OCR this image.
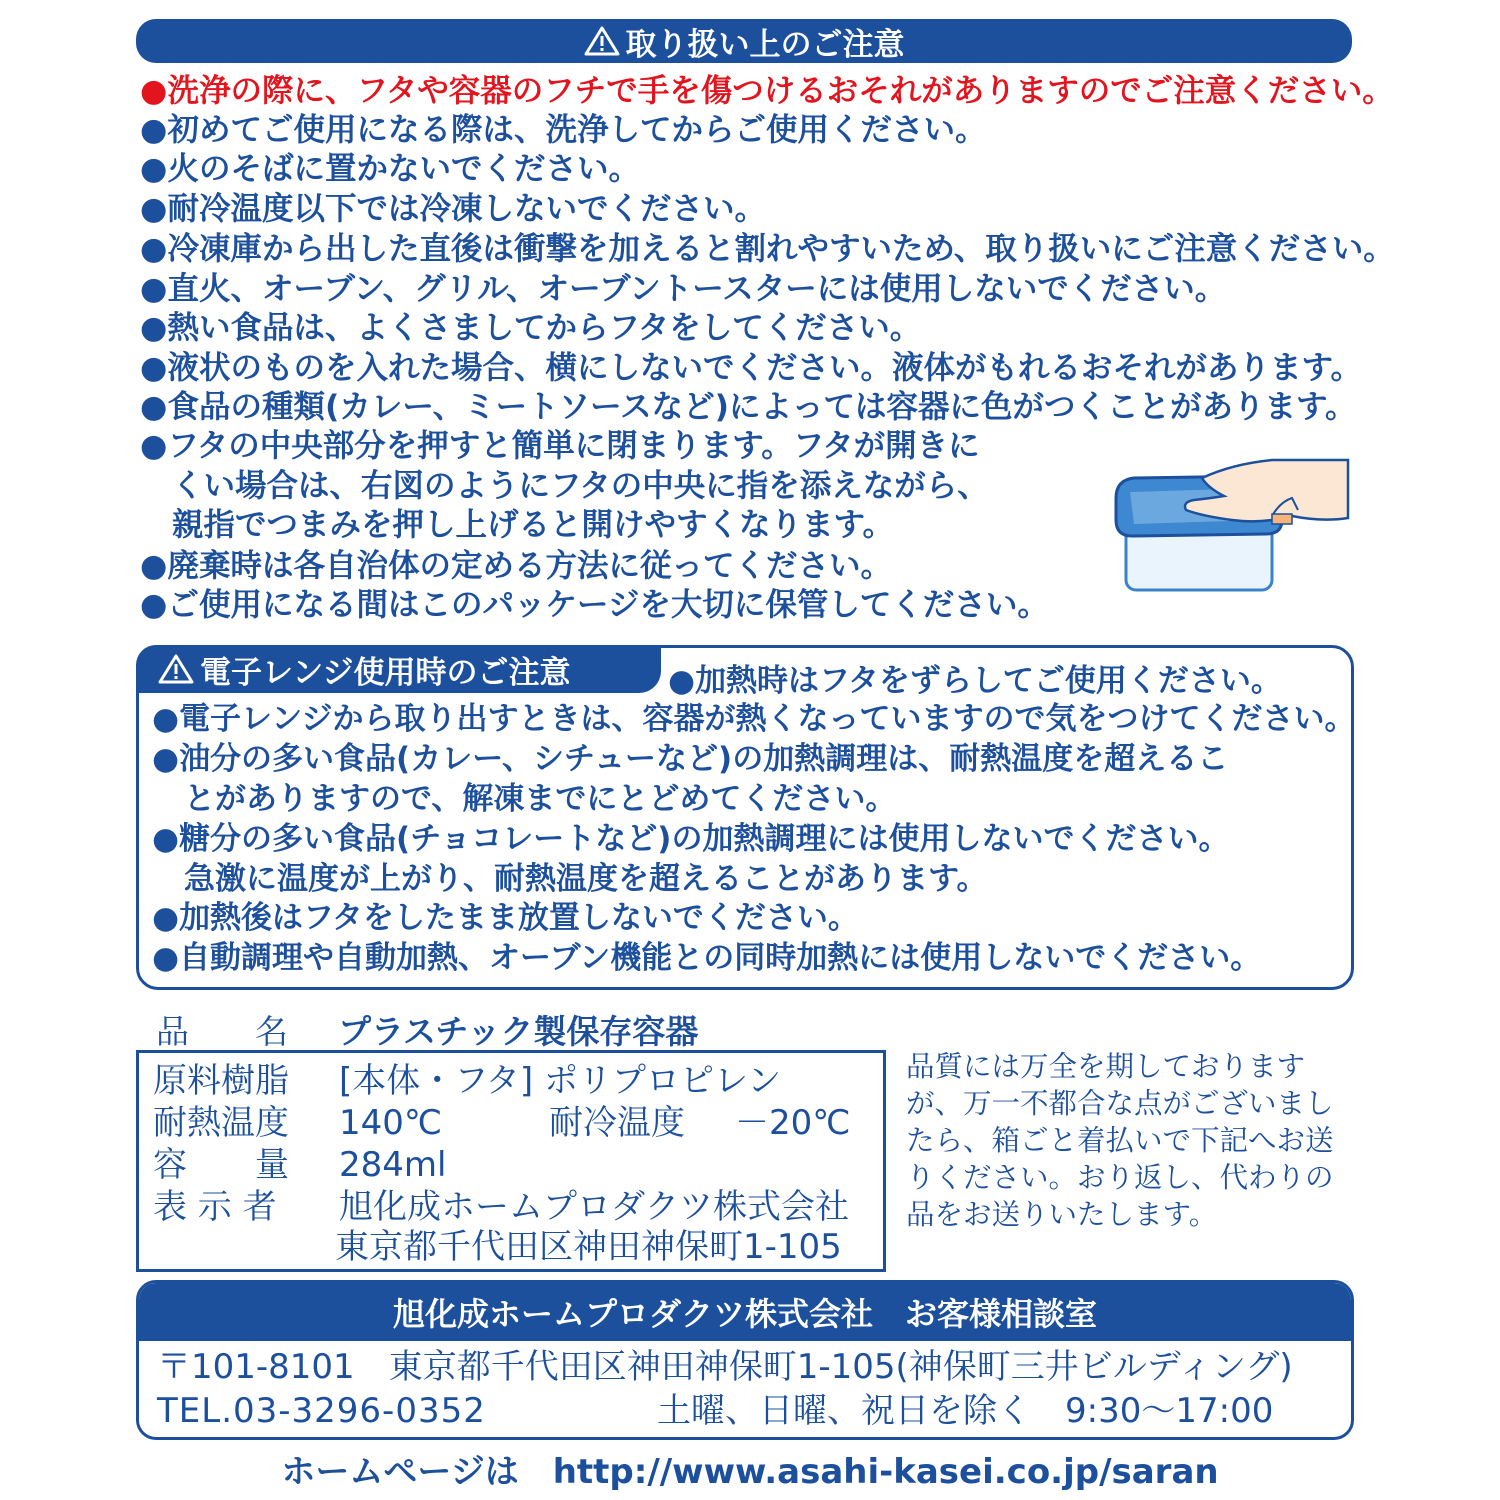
取り扱い上のご注意
●洗浄の際に、フタや容器のフチで手を傷つけるおそれがありますのでご注意ください。
●初めてご使用になる際は、洗浄してからご使用ください。
●火のそばに置かないでください。
●耐冷温度以下では冷凍しないでください。
●冷凍庫から出した直後は衝撃を加えると割れやすいため、取り扱いにご注意ください。
●直火、オーブン、グリル、オーブントースターには使用しないでください。
●熱い食品は、よくさましてからフタをしてください。
●液状のものを入れた場合、横にしないでください。液体がもれるおそれがあります。
●食品の種類(カレー、ミートソースなど)によっては容器に色がつくことがあります。
●フタの中央部分を押すと簡単に閉まります。フタが開きに
くい場合は、右図のようにフタの中央に指を添えながら、
親指でつまみを押し上げると開けやすくなります。
●廃棄時は各自治体の定める方法に従ってください。
●ご使用になる間はこのパッケージを大切に保管してください。
電子レンジ使用時のご注意	●加熱時はフタをずらしてご使用ください。
●電子レンジから取り出すときは、容器が熱くなっていますので気をつけてください。
●油分の多い食品(カレー、シチューなど)の加熱調理は、耐熱温度を超えるこ
とがありますので、解凍までにとどめてください。
●糖分の多い食品(チョコレートなど)の加熱調理には使用しないでください。
急激に温度が上がり、耐熱温度を超えることがあります。
●加熱後はフタをしたまま放置しないでください。
●自動調理や自動加熱、オーブン機能との同時加熱には使用しないでください。
品　　名 プラスチック製保存容器
原料樹脂 [本体・フタ] ポリプロピレン
耐熱温度 140℃	耐冷温度 －20℃
容　　量 284ml
表 示 者 旭化成ホームプロダクツ株式会社
東京都千代田区神田神保町1-105
品質には万全を期しておりますが、万一不都合な点がございましたら、箱ごと着払いで下記へお送りください。おり返し、代わりの品をお送りいたします。
旭化成ホームプロダクツ株式会社　お客様相談室
〒101-8101　東京都千代田区神田神保町1-105(神保町三井ビルディング)
TEL.03-3296-0352	土曜、日曜、祝日を除く　9:30～17:00
ホームページは　http://www.asahi-kasei.co.jp/saran
